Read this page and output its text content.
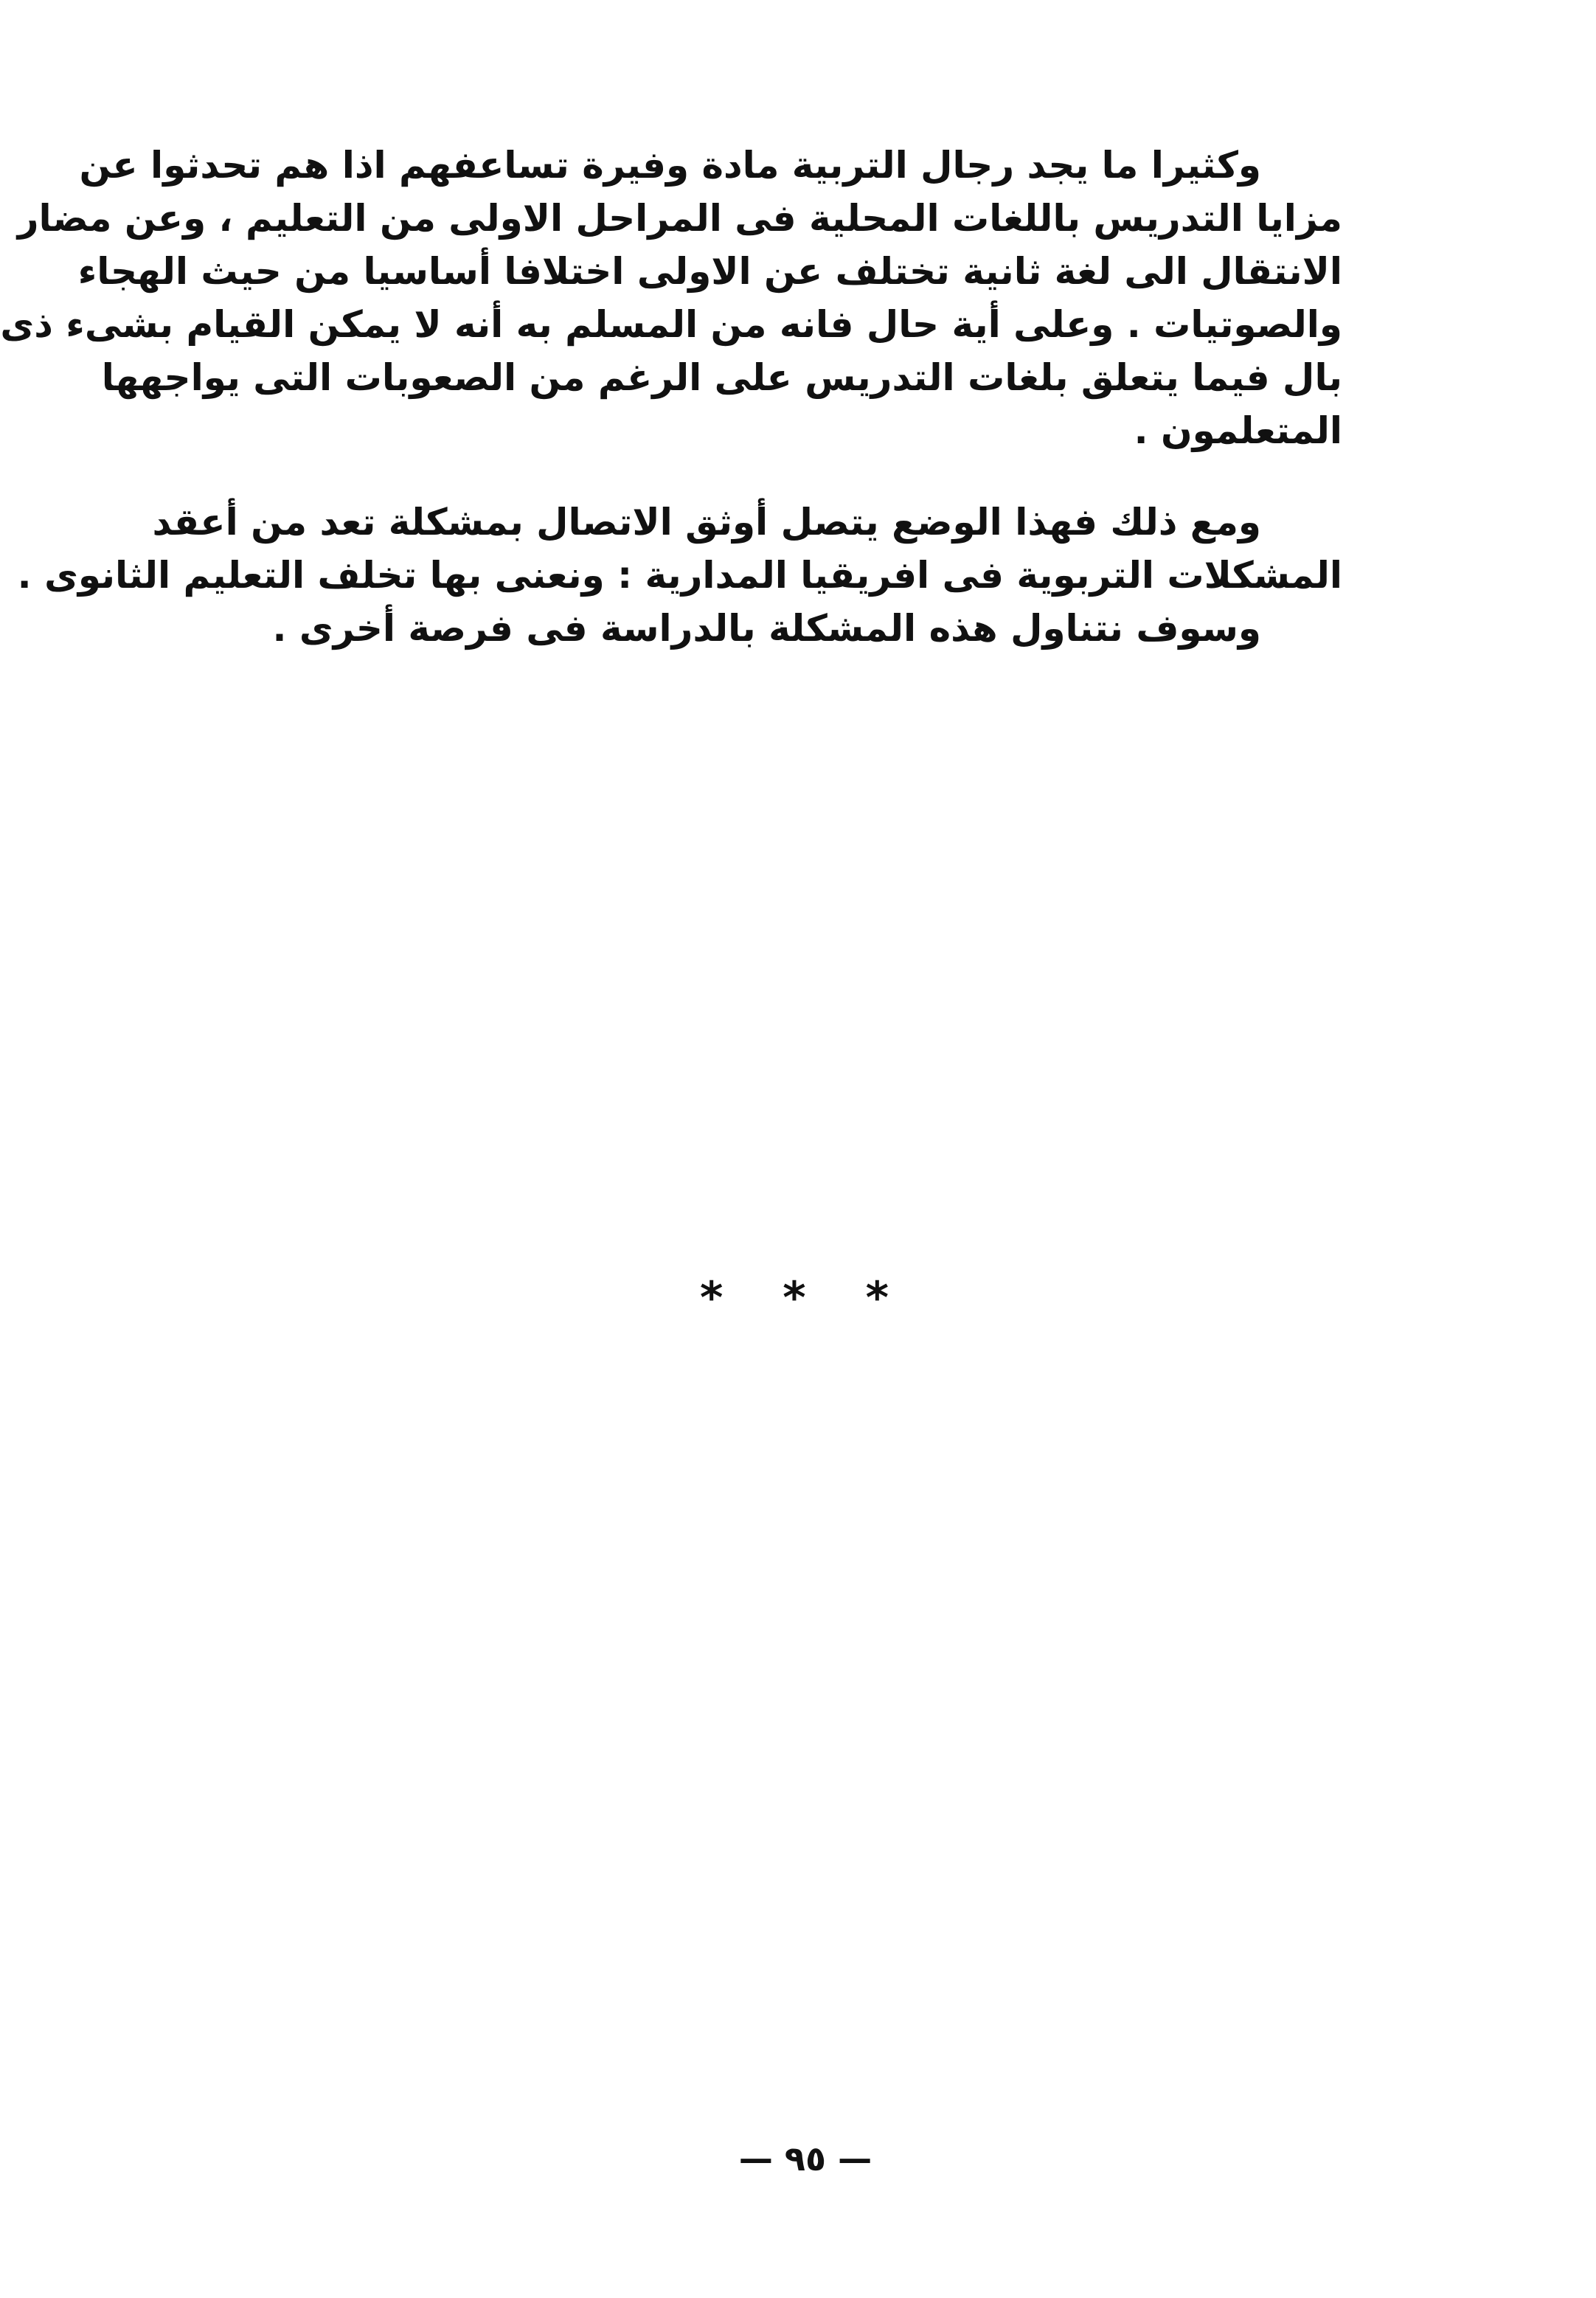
وكثيرا ما يجد رجال التربية مادة وفيرة تساعفهم اذا هم تحدثوا عن
مزايا التدريس باللغات المحلية فى المراحل الاولى من التعليم ، وعن مضار
الانتقال الى لغة ثانية تختلف عن الاولى اختلافا أساسيا من حيث الهجاء
والصوتيات . وعلى أية حال فانه من المسلم به أنه لا يمكن القيام بشىء ذى
بال فيما يتعلق بلغات التدريس على الرغم من الصعوبات التى يواجهها
المتعلمون .
ومع ذلك فهذا الوضع يتصل أوثق الاتصال بمشكلة تعد من أعقد
المشكلات التربوية فى افريقيا المدارية : ونعنى بها تخلف التعليم الثانوى .
وسوف نتناول هذه المشكلة بالدراسة فى فرصة أخرى .
* * *
— ٩٥ —
